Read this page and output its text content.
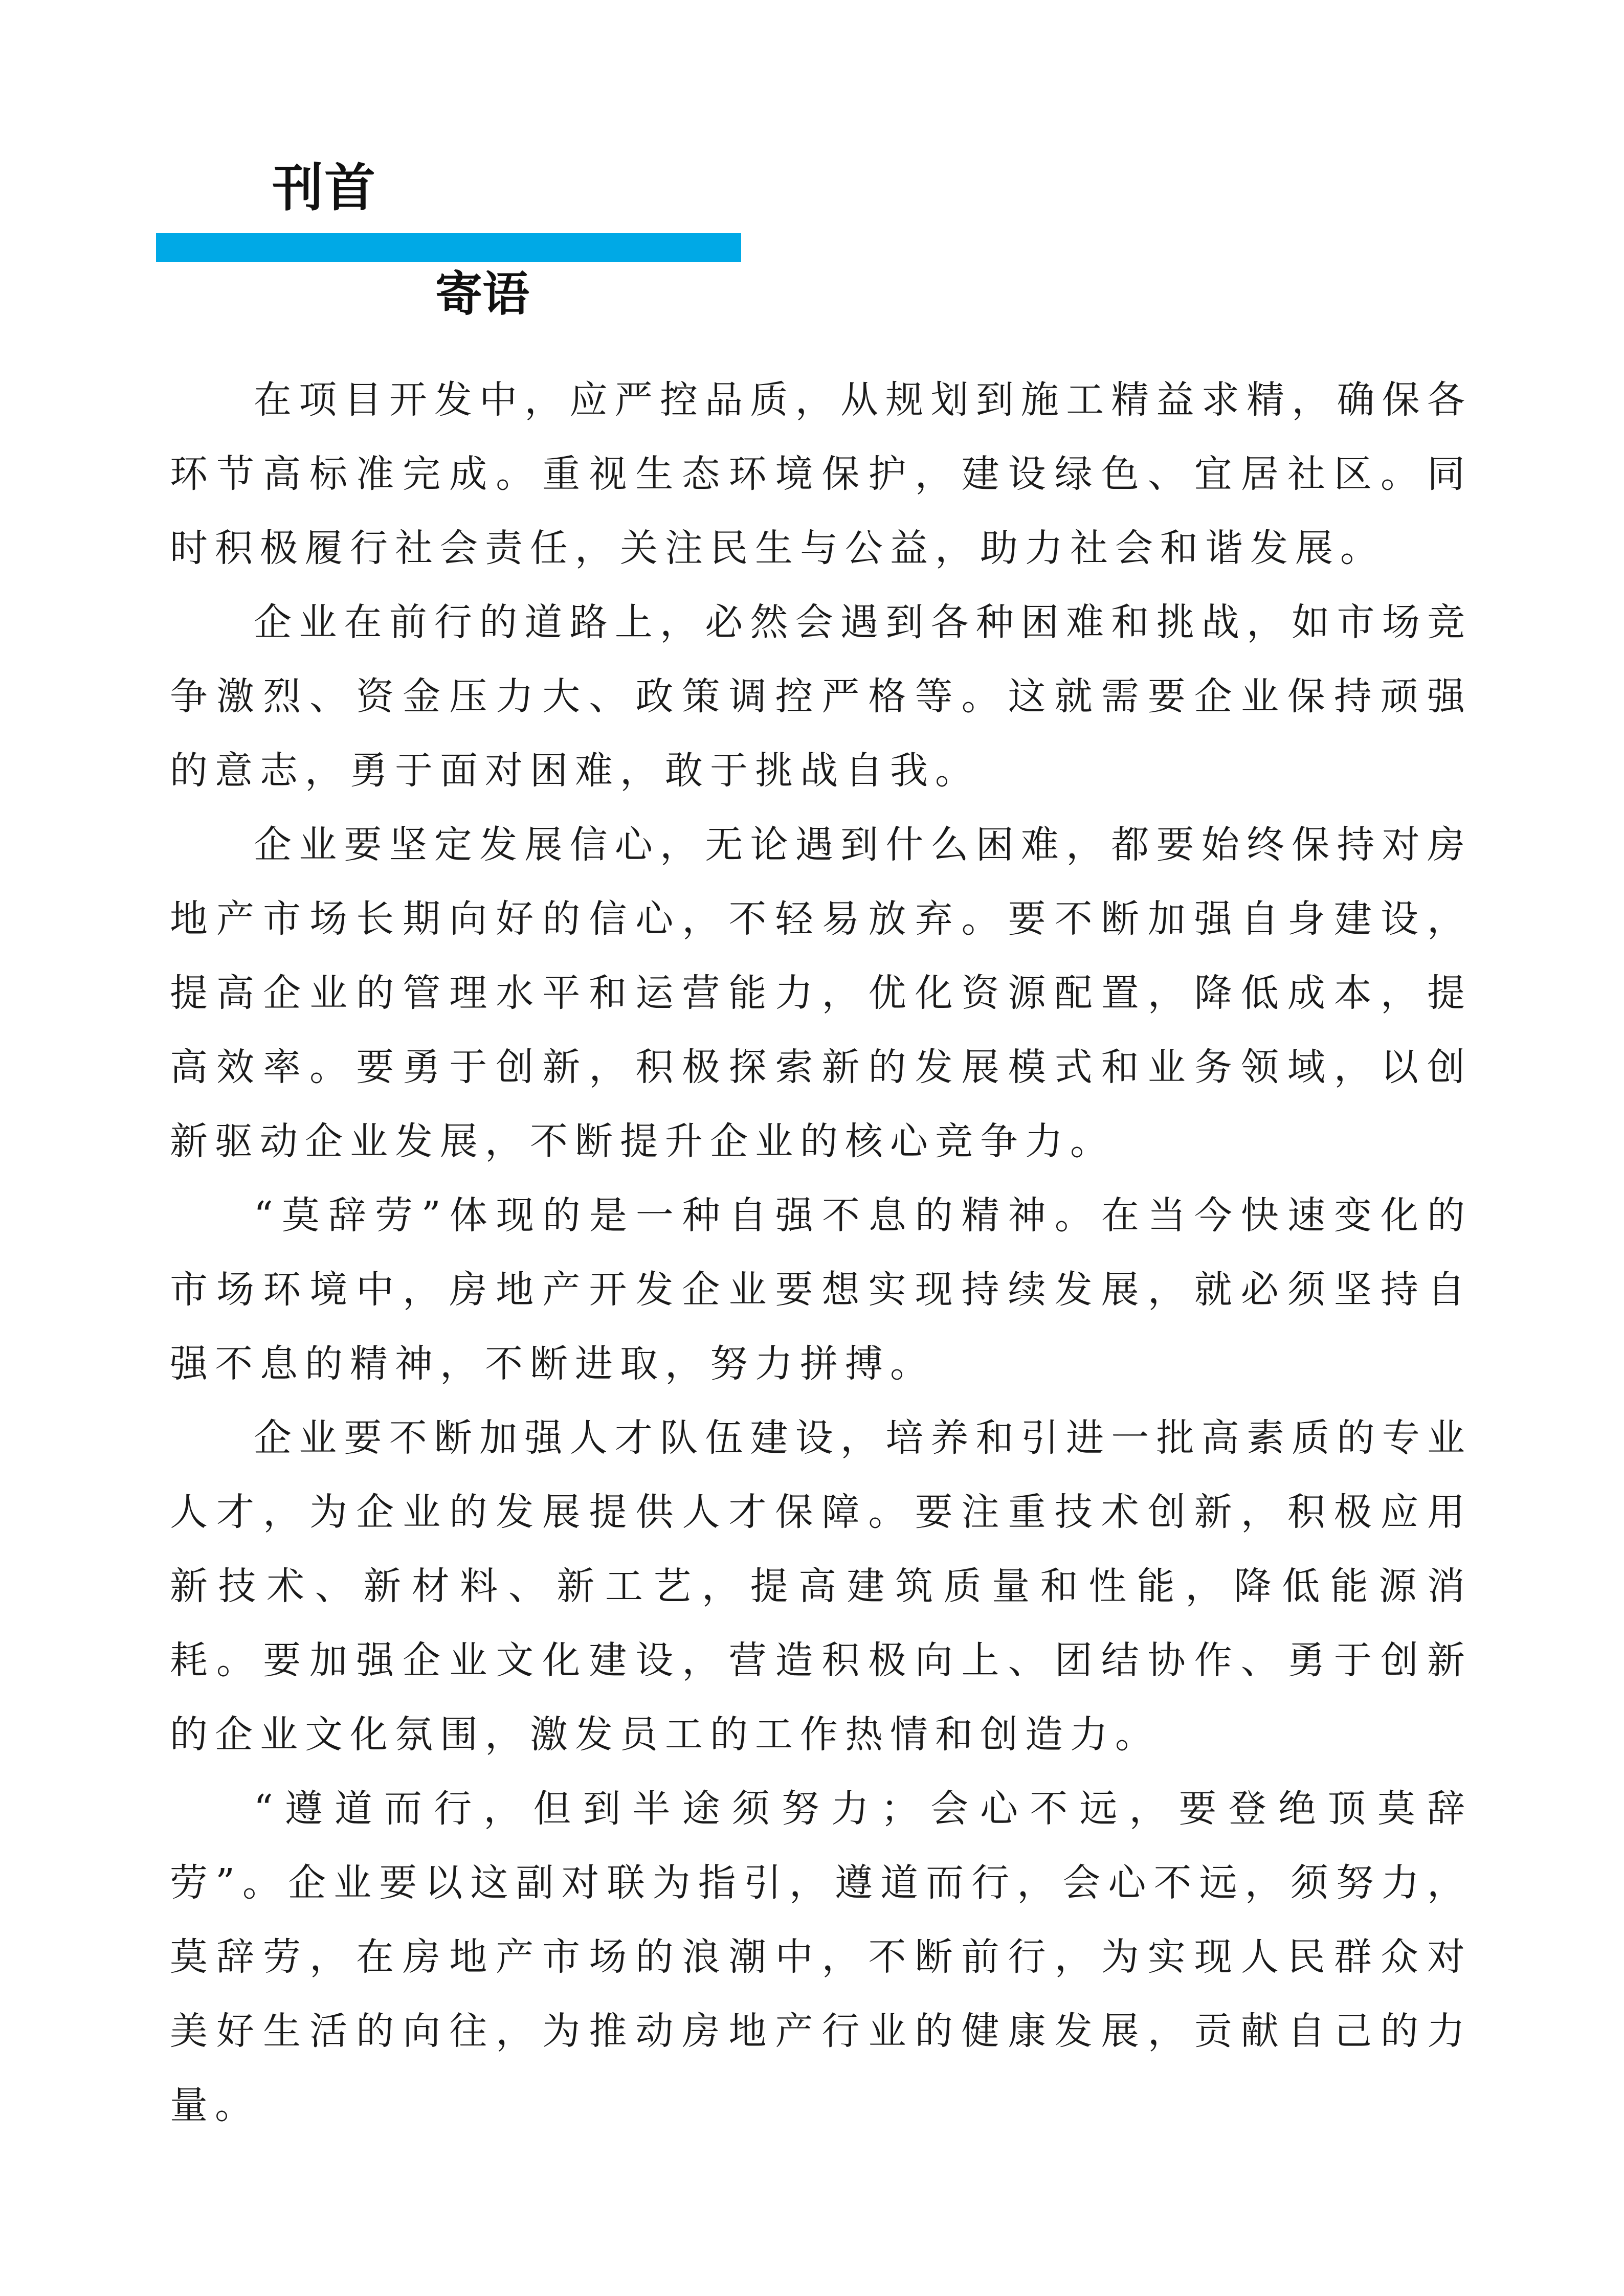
刊首
寄语

在项目开发中，应严控品质，从规划到施工精益求精，确保各环节高标准完成。重视生态环境保护，建设绿色、宜居社区。同时积极履行社会责任，关注民生与公益，助力社会和谐发展。

企业在前行的道路上，必然会遇到各种困难和挑战，如市场竞争激烈、资金压力大、政策调控严格等。这就需要企业保持顽强的意志，勇于面对困难，敢于挑战自我。

企业要坚定发展信心，无论遇到什么困难，都要始终保持对房地产市场长期向好的信心，不轻易放弃。要不断加强自身建设，提高企业的管理水平和运营能力，优化资源配置，降低成本，提高效率。要勇于创新，积极探索新的发展模式和业务领域，以创新驱动企业发展，不断提升企业的核心竞争力。

“莫辞劳”体现的是一种自强不息的精神。在当今快速变化的市场环境中，房地产开发企业要想实现持续发展，就必须坚持自强不息的精神，不断进取，努力拼搏。

企业要不断加强人才队伍建设，培养和引进一批高素质的专业人才，为企业的发展提供人才保障。要注重技术创新，积极应用新技术、新材料、新工艺，提高建筑质量和性能，降低能源消耗。要加强企业文化建设，营造积极向上、团结协作、勇于创新的企业文化氛围，激发员工的工作热情和创造力。

“遵道而行，但到半途须努力；会心不远，要登绝顶莫辞劳”。企业要以这副对联为指引，遵道而行，会心不远，须努力，莫辞劳，在房地产市场的浪潮中，不断前行，为实现人民群众对美好生活的向往，为推动房地产行业的健康发展，贡献自己的力量。
